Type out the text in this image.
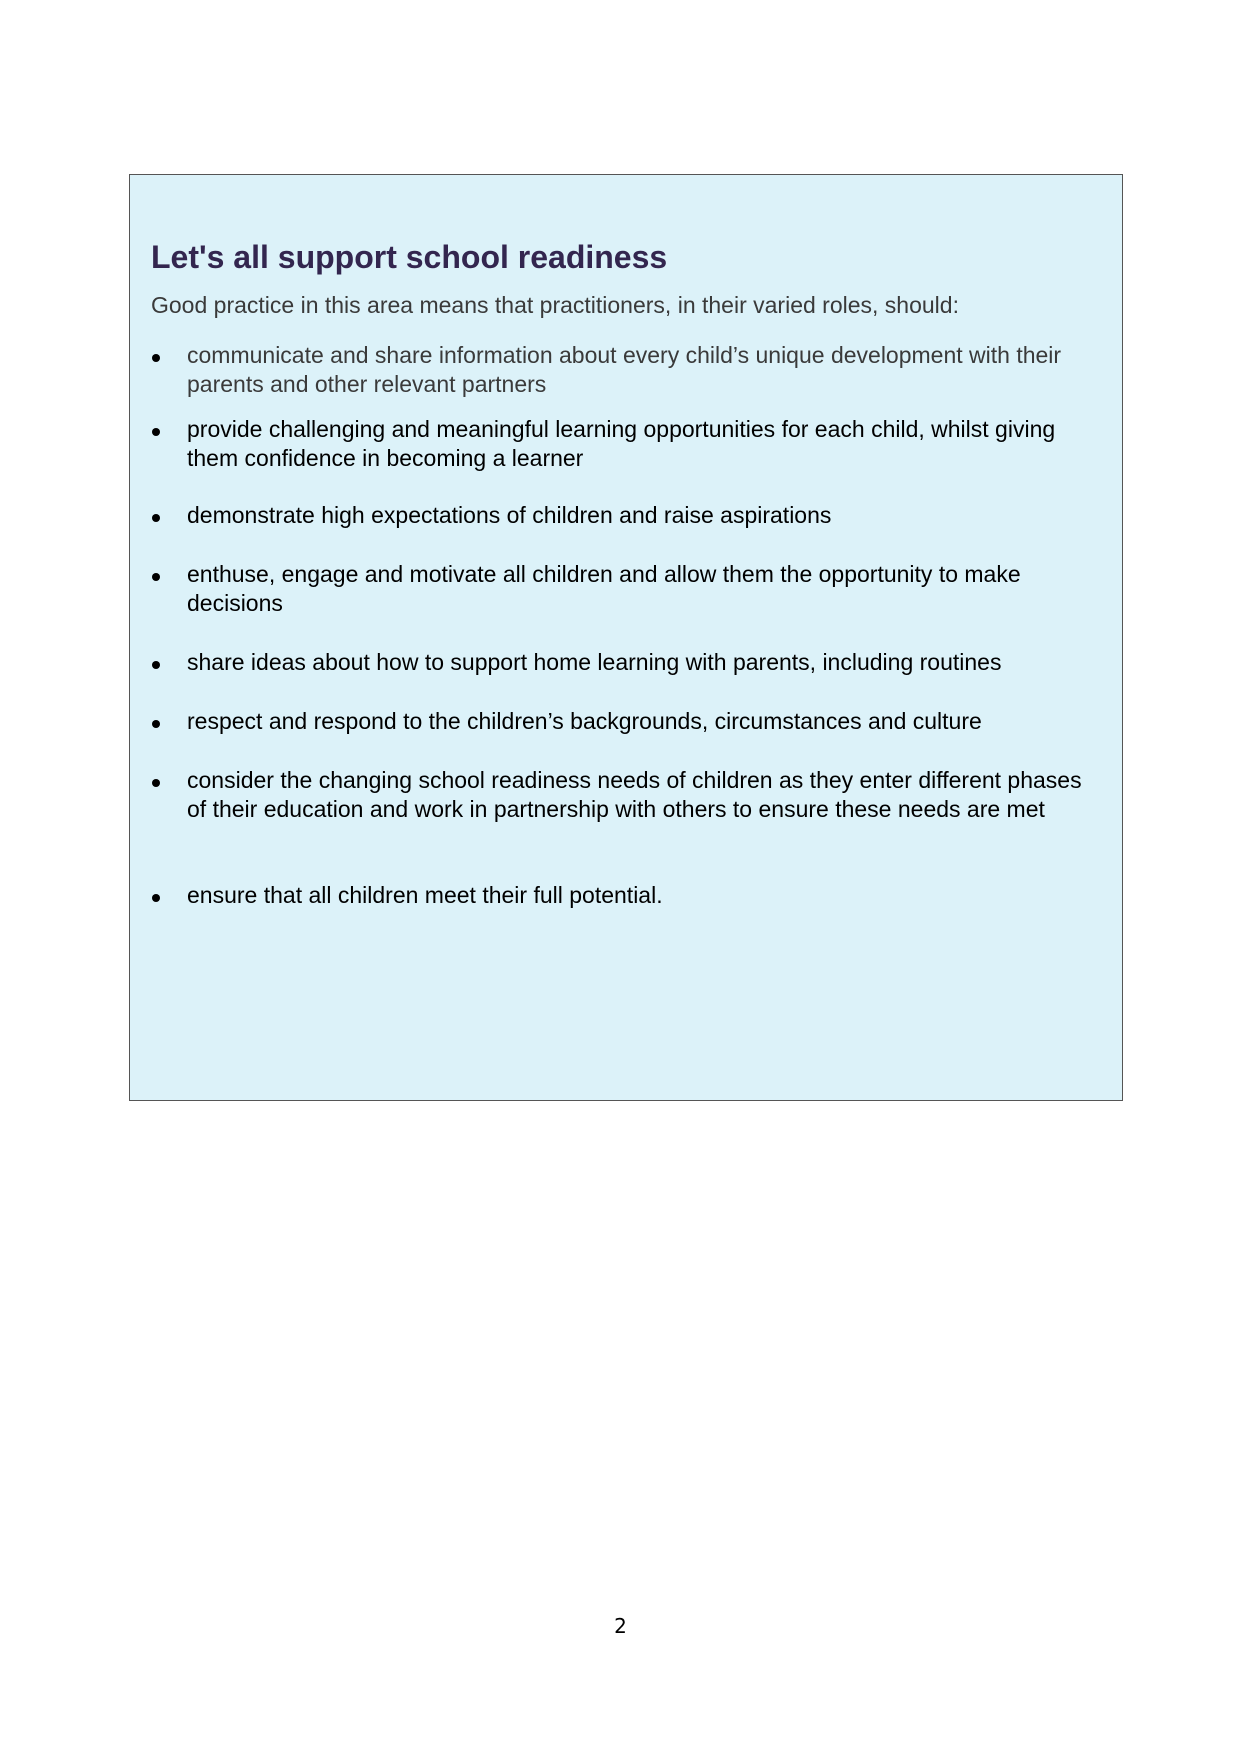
Let's all support school readiness

Good practice in this area means that practitioners, in their varied roles, should:

communicate and share information about every child’s unique development with their parents and other relevant partners

provide challenging and meaningful learning opportunities for each child, whilst giving them confidence in becoming a learner

demonstrate high expectations of children and raise aspirations

enthuse, engage and motivate all children and allow them the opportunity to make decisions

share ideas about how to support home learning with parents, including routines

respect and respond to the children’s backgrounds, circumstances and culture

consider the changing school readiness needs of children as they enter different phases of their education and work in partnership with others to ensure these needs are met

ensure that all children meet their full potential.

2
